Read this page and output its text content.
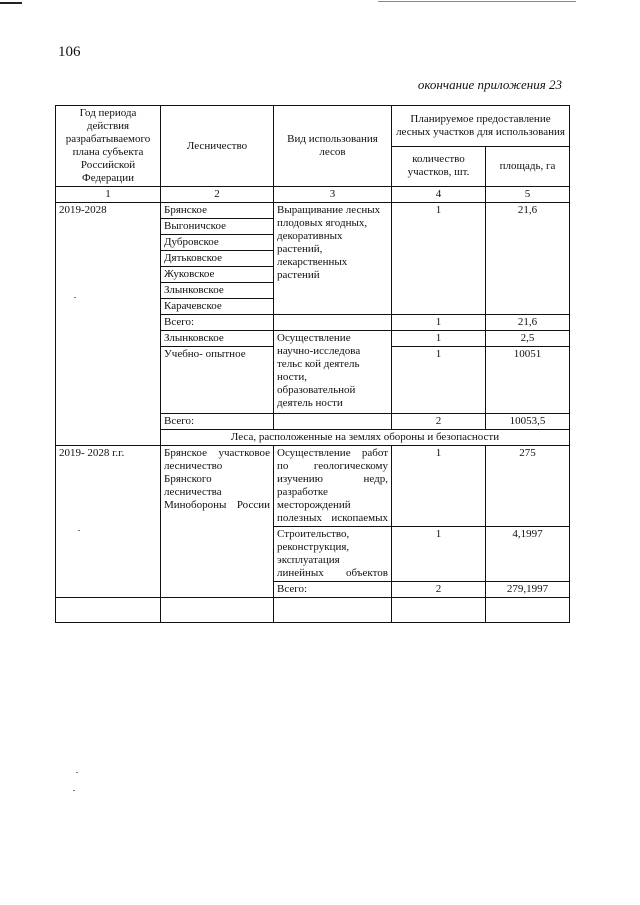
106
окончание приложения 23
Год периода действия разрабатываемого плана субъекта Российской Федерации	Лесничество	Вид использования лесов	Планируемое предоставление лесных участков для использования	
			количество участков, шт.	площадь, га
1	2	3	4	5
2019-2028	Брянское	Выращивание лесных плодовых ягодных, декоративных растений, лекарственных растений	1	21,6
	Выгоничское			
	Дубровское			
	Дятьковское			
	Жуковское			
	Злынковское			
	Карачевское			
	Всего:		1	21,6
	Злынковское	Осуществление научно-исследова тельс кой деятель ности, образовательной деятель ности	1	2,5
	Учебно- опытное		1	10051
	Всего:		2	10053,5
	Леса, расположенные на землях обороны и безопасности			
2019- 2028 г.г.	Брянское участковое лесничество Брянского лесничества Минобороны России	Осуществление работ по геологическому изучению недр, разработке месторождений полезных ископаемых	1	275
		Строительство, реконструкция, эксплуатация линейных объектов	1	4,1997
		Всего:	2	279,1997
